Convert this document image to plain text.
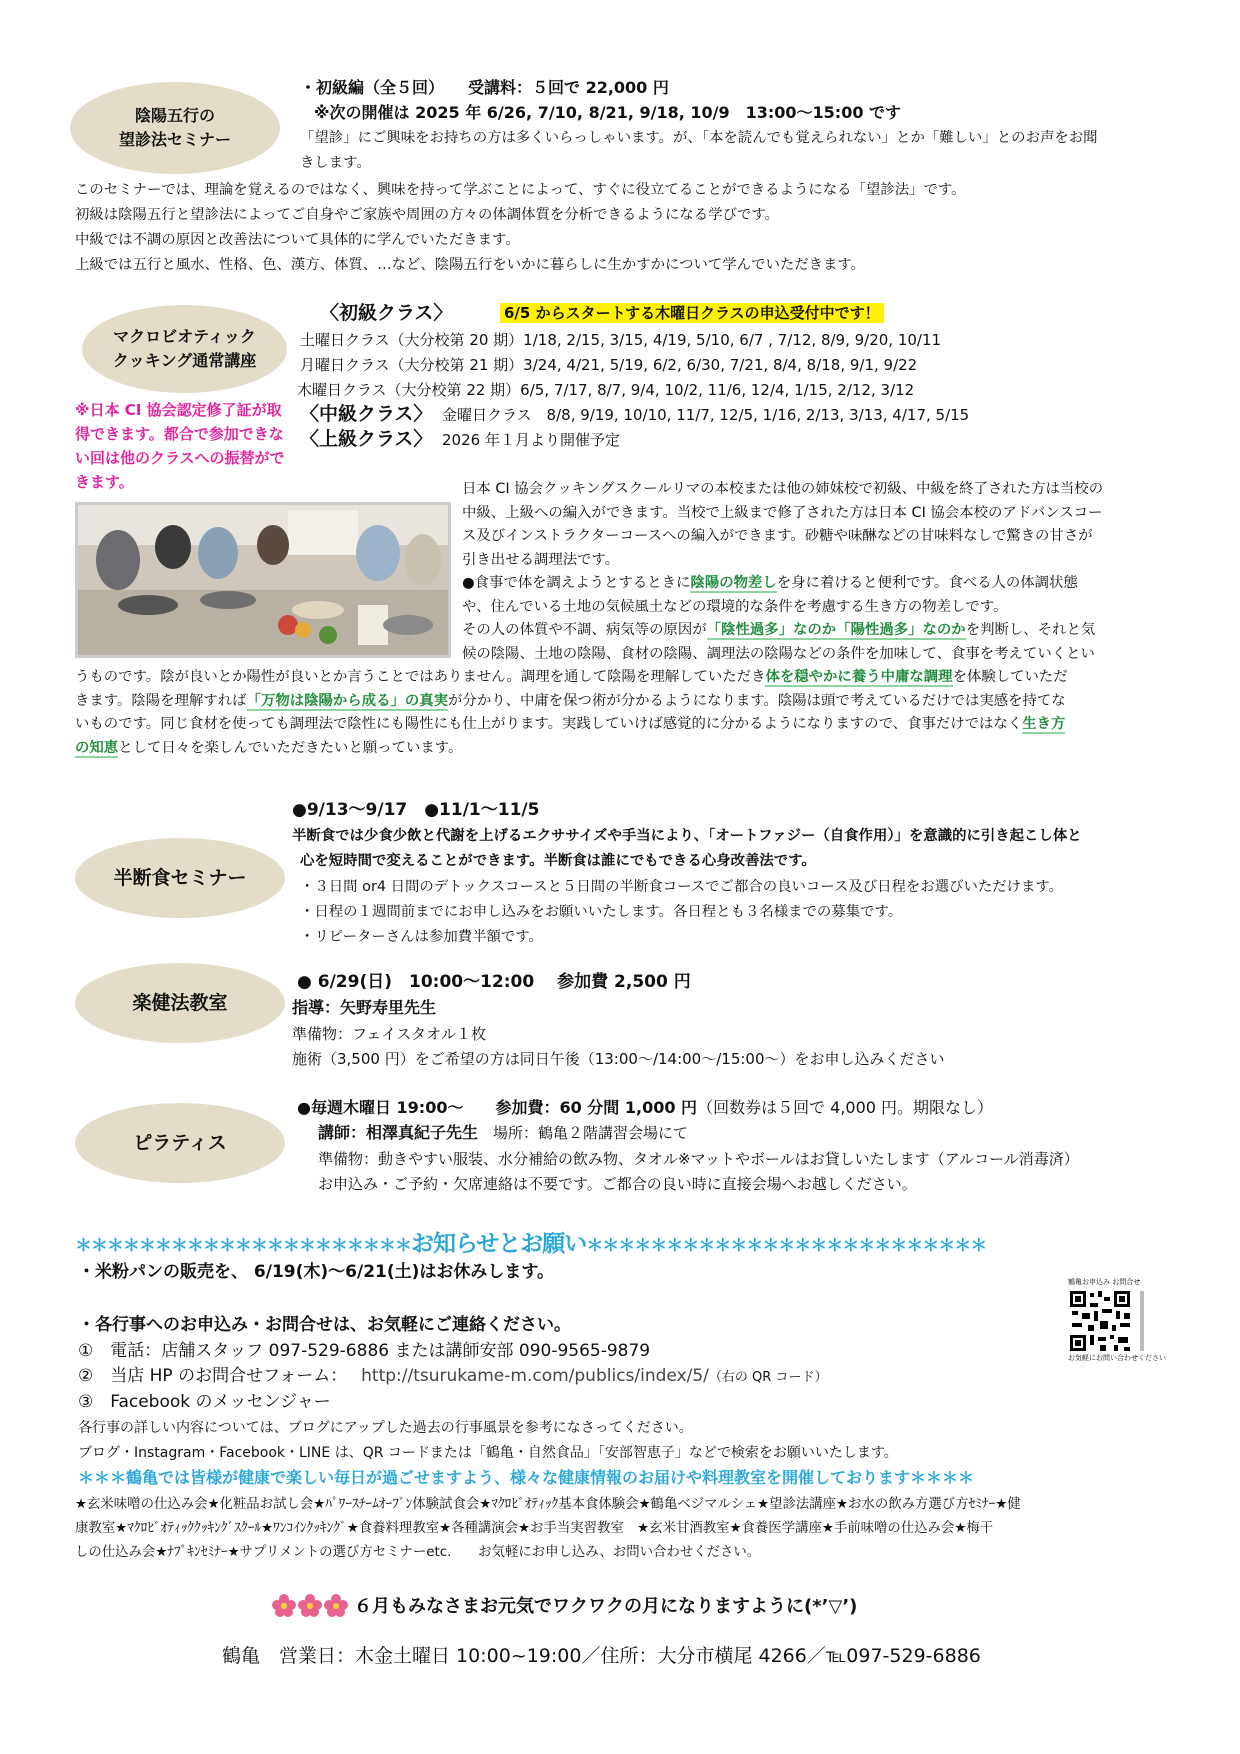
陰陽五行の
望診法セミナー
・初級編（全５回）　　受講料：５回で 22,000 円
※次の開催は 2025 年 6/26, 7/10, 8/21, 9/18, 10/9　13:00〜15:00 です
「望診」にご興味をお持ちの方は多くいらっしゃいます。が、「本を読んでも覚えられない」とか「難しい」とのお声をお聞
きします。
このセミナーでは、理論を覚えるのではなく、興味を持って学ぶことによって、すぐに役立てることができるようになる「望診法」です。
初級は陰陽五行と望診法によってご自身やご家族や周囲の方々の体調体質を分析できるようになる学びです。
中級では不調の原因と改善法について具体的に学んでいただきます。
上級では五行と風水、性格、色、漢方、体質、…など、陰陽五行をいかに暮らしに生かすかについて学んでいただきます。
マクロビオティック
クッキング通常講座
※日本 CI 協会認定修了証が取得できます。都合で参加できない回は他のクラスへの振替ができます。
〈初級クラス〉	6/5 からスタートする木曜日クラスの申込受付中です！
土曜日クラス（大分校第 20 期）1/18, 2/15, 3/15, 4/19, 5/10, 6/7 , 7/12, 8/9, 9/20, 10/11
月曜日クラス（大分校第 21 期）3/24, 4/21, 5/19, 6/2, 6/30, 7/21, 8/4, 8/18, 9/1, 9/22
木曜日クラス（大分校第 22 期）6/5, 7/17, 8/7, 9/4, 10/2, 11/6, 12/4, 1/15, 2/12, 3/12
〈中級クラス〉 金曜日クラス　8/8, 9/19, 10/10, 11/7, 12/5, 1/16, 2/13, 3/13, 4/17, 5/15
〈上級クラス〉 2026 年１月より開催予定
日本 CI 協会クッキングスクールリマの本校または他の姉妹校で初級、中級を終了された方は当校の
中級、上級への編入ができます。当校で上級まで修了された方は日本 CI 協会本校のアドバンスコー
ス及びインストラクターコースへの編入ができます。砂糖や味醂などの甘味料なしで驚きの甘さが
引き出せる調理法です。
●食事で体を調えようとするときに陰陽の物差しを身に着けると便利です。食べる人の体調状態
や、住んでいる土地の気候風土などの環境的な条件を考慮する生き方の物差しです。
その人の体質や不調、病気等の原因が「陰性過多」なのか「陽性過多」なのかを判断し、それと気
候の陰陽、土地の陰陽、食材の陰陽、調理法の陰陽などの条件を加味して、食事を考えていくとい
うものです。陰が良いとか陽性が良いとか言うことではありません。調理を通して陰陽を理解していただき体を穏やかに養う中庸な調理を体験していただ
きます。陰陽を理解すれば「万物は陰陽から成る」の真実が分かり、中庸を保つ術が分かるようになります。陰陽は頭で考えているだけでは実感を持てな
いものです。同じ食材を使っても調理法で陰性にも陽性にも仕上がります。実践していけば感覚的に分かるようになりますので、食事だけではなく生き方
の知恵として日々を楽しんでいただきたいと願っています。
半断食セミナー
●9/13〜9/17　●11/1〜11/5
半断食では少食少飲と代謝を上げるエクササイズや手当により、「オートファジー（自食作用）」を意識的に引き起こし体と
心を短時間で変えることができます。半断食は誰にでもできる心身改善法です。
・３日間 or4 日間のデトックスコースと５日間の半断食コースでご都合の良いコース及び日程をお選びいただけます。
・日程の１週間前までにお申し込みをお願いいたします。各日程とも３名様までの募集です。
・リピーターさんは参加費半額です。
楽健法教室
● 6/29(日)　10:00〜12:00　 参加費 2,500 円
指導：矢野寿里先生
準備物：フェイスタオル１枚
施術（3,500 円）をご希望の方は同日午後（13:00〜/14:00〜/15:00〜）をお申し込みください
ピラティス
●毎週木曜日 19:00〜　　参加費：60 分間 1,000 円（回数券は５回で 4,000 円。期限なし）
講師：相澤真紀子先生　 場所：鶴亀２階講習会場にて
準備物：動きやすい服装、水分補給の飲み物、タオル※マットやボールはお貸しいたします（アルコール消毒済）
お申込み・ご予約・欠席連絡は不要です。ご都合の良い時に直接会場へお越しください。
＊＊＊＊＊＊＊＊＊＊＊＊＊＊＊＊＊＊＊＊＊お知らせとお願い＊＊＊＊＊＊＊＊＊＊＊＊＊＊＊＊＊＊＊＊＊＊＊＊＊
・米粉パンの販売を、 6/19(木)〜6/21(土)はお休みします。
・各行事へのお申込み・お問合せは、お気軽にご連絡ください。
①　電話：店舗スタッフ 097-529-6886 または講師安部 090-9565-9879
②　当店 HP のお問合せフォーム：　 http://tsurukame-m.com/publics/index/5/（右の QR コード）
③　Facebook のメッセンジャー
各行事の詳しい内容については、ブログにアップした過去の行事風景を参考になさってください。
ブログ・Instagram・Facebook・LINE は、QR コードまたは「鶴亀・自然食品」「安部智恵子」などで検索をお願いいたします。
鶴亀お申込み お問合せ
お気軽にお問い合わせください
＊＊＊鶴亀では皆様が健康で楽しい毎日が過ごせますよう、様々な健康情報のお届けや料理教室を開催しております＊＊＊＊
★玄米味噌の仕込み会★化粧品お試し会★ﾊﾟﾜｰｽﾁｰﾑｵｰﾌﾞﾝ体験試食会★ﾏｸﾛﾋﾞｵﾃｨｯｸ基本食体験会★鶴亀ベジマルシェ★望診法講座★お水の飲み方選び方ｾﾐﾅｰ★健
康教室★ﾏｸﾛﾋﾞｵﾃｨｯｸｸｯｷﾝｸﾞｽｸｰﾙ★ﾜﾝｺｲﾝｸｯｷﾝｸﾞ★食養料理教室★各種講演会★お手当実習教室　★玄米甘酒教室★食養医学講座★手前味噌の仕込み会★梅干
しの仕込み会★ﾅﾌﾟｷﾝｾﾐﾅｰ★サプリメントの選び方セミナーetc.　　お気軽にお申し込み、お問い合わせください。
６月もみなさまお元気でワクワクの月になりますように(*’▽’)
鶴亀　営業日：木金土曜日 10:00~19:00／住所：大分市横尾 4266／℡097-529-6886
